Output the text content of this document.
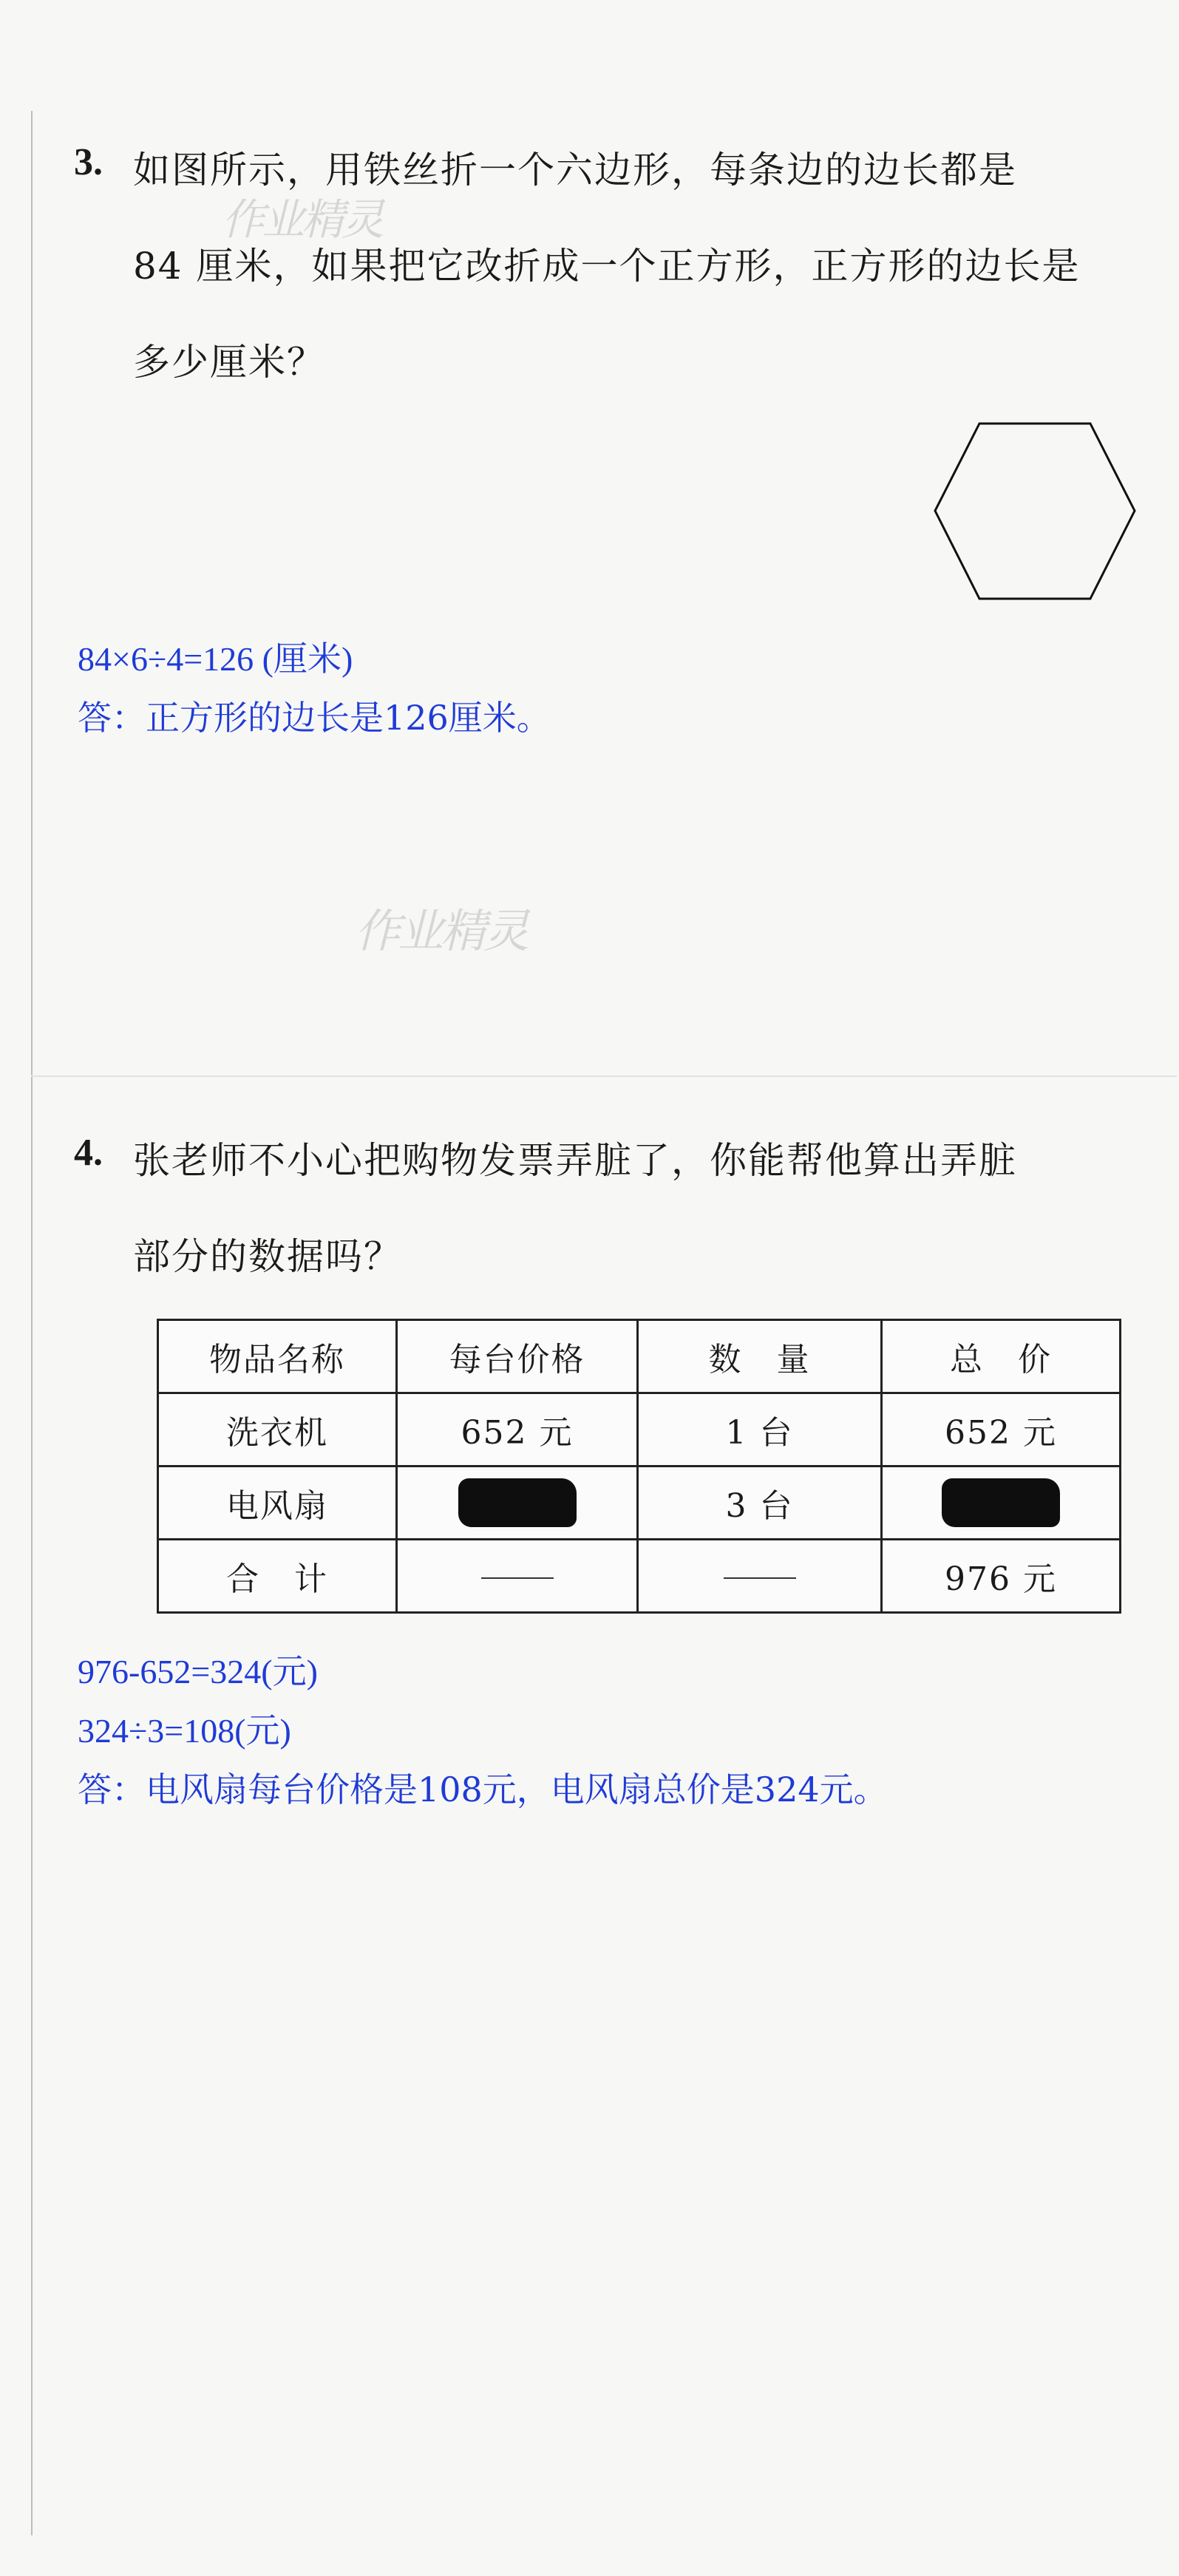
3. 如图所示，用铁丝折一个六边形，每条边的边长都是
84 厘米，如果把它改折成一个正方形，正方形的边长是
多少厘米？
作业精灵
84×6÷4=126 (厘米)
答：正方形的边长是126厘米。
作业精灵
4. 张老师不小心把购物发票弄脏了，你能帮他算出弄脏
部分的数据吗？
物品名称	每台价格	数　量	总　价
洗衣机	652 元	1 台	652 元
电风扇		3 台	
合　计			976 元
976-652=324(元)
324÷3=108(元)
答：电风扇每台价格是108元，电风扇总价是324元。
